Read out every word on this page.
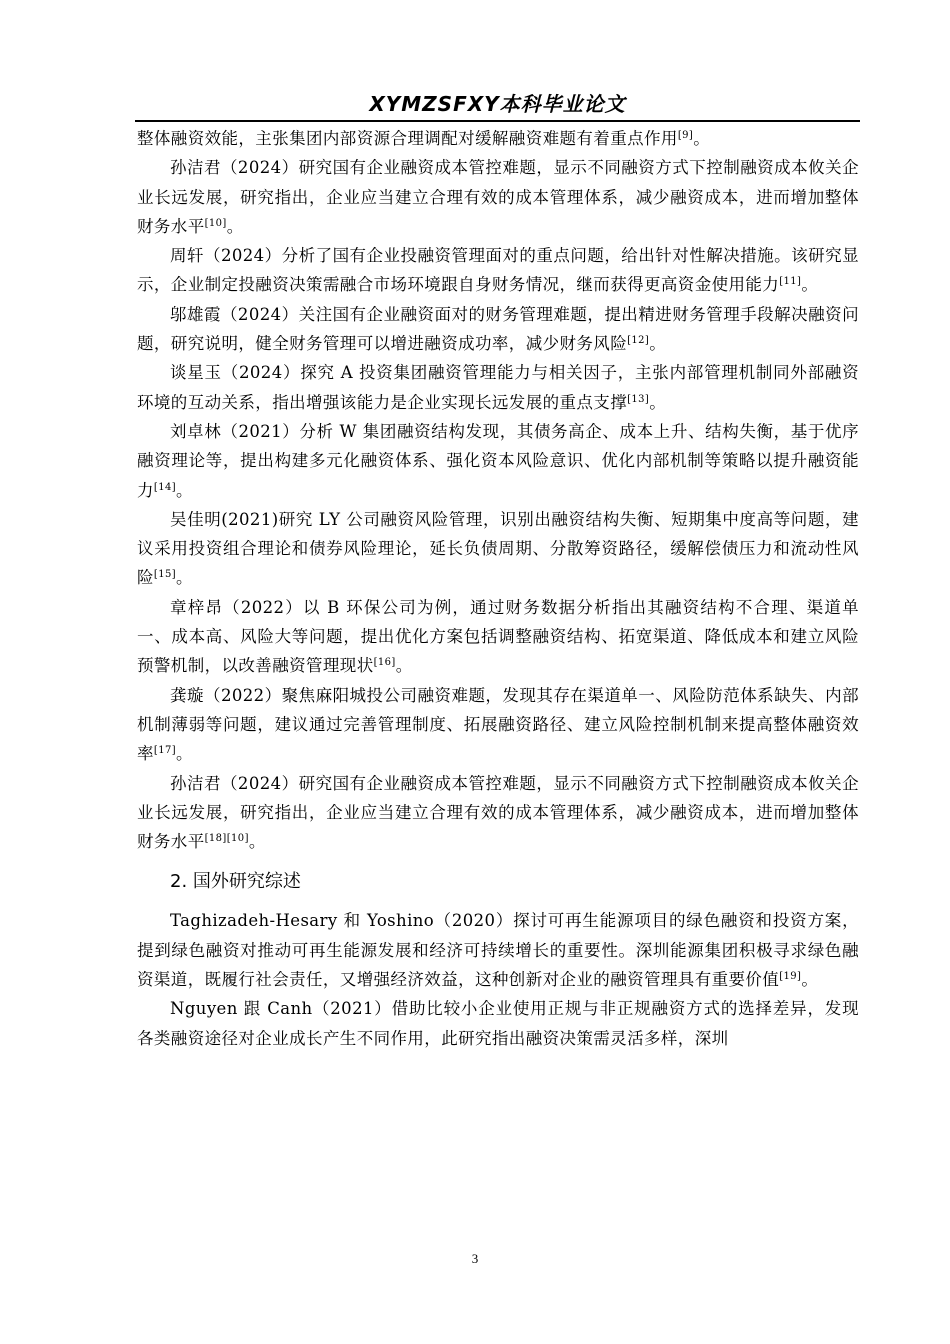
XYMZSFXY本科毕业论文

整体融资效能，主张集团内部资源合理调配对缓解融资难题有着重点作用[9]。

孙洁君（2024）研究国有企业融资成本管控难题，显示不同融资方式下控制融资成本攸关企业长远发展，研究指出，企业应当建立合理有效的成本管理体系，减少融资成本，进而增加整体财务水平[10]。

周轩（2024）分析了国有企业投融资管理面对的重点问题，给出针对性解决措施。该研究显示，企业制定投融资决策需融合市场环境跟自身财务情况，继而获得更高资金使用能力[11]。

邬雄霞（2024）关注国有企业融资面对的财务管理难题，提出精进财务管理手段解决融资问题，研究说明，健全财务管理可以增进融资成功率，减少财务风险[12]。

谈星玉（2024）探究 A 投资集团融资管理能力与相关因子，主张内部管理机制同外部融资环境的互动关系，指出增强该能力是企业实现长远发展的重点支撑[13]。

刘卓林（2021）分析 W 集团融资结构发现，其债务高企、成本上升、结构失衡，基于优序融资理论等，提出构建多元化融资体系、强化资本风险意识、优化内部机制等策略以提升融资能力[14]。

吴佳明(2021)研究 LY 公司融资风险管理，识别出融资结构失衡、短期集中度高等问题，建议采用投资组合理论和债券风险理论，延长负债周期、分散筹资路径，缓解偿债压力和流动性风险[15]。

章梓昂（2022）以 B 环保公司为例，通过财务数据分析指出其融资结构不合理、渠道单一、成本高、风险大等问题，提出优化方案包括调整融资结构、拓宽渠道、降低成本和建立风险预警机制，以改善融资管理现状[16]。

龚璇（2022）聚焦麻阳城投公司融资难题，发现其存在渠道单一、风险防范体系缺失、内部机制薄弱等问题，建议通过完善管理制度、拓展融资路径、建立风险控制机制来提高整体融资效率[17]。

孙洁君（2024）研究国有企业融资成本管控难题，显示不同融资方式下控制融资成本攸关企业长远发展，研究指出，企业应当建立合理有效的成本管理体系，减少融资成本，进而增加整体财务水平[18][10]。

2. 国外研究综述

Taghizadeh-Hesary 和 Yoshino（2020）探讨可再生能源项目的绿色融资和投资方案，提到绿色融资对推动可再生能源发展和经济可持续增长的重要性。深圳能源集团积极寻求绿色融资渠道，既履行社会责任，又增强经济效益，这种创新对企业的融资管理具有重要价值[19]。

Nguyen 跟 Canh（2021）借助比较小企业使用正规与非正规融资方式的选择差异，发现各类融资途径对企业成长产生不同作用，此研究指出融资决策需灵活多样，深圳

3
